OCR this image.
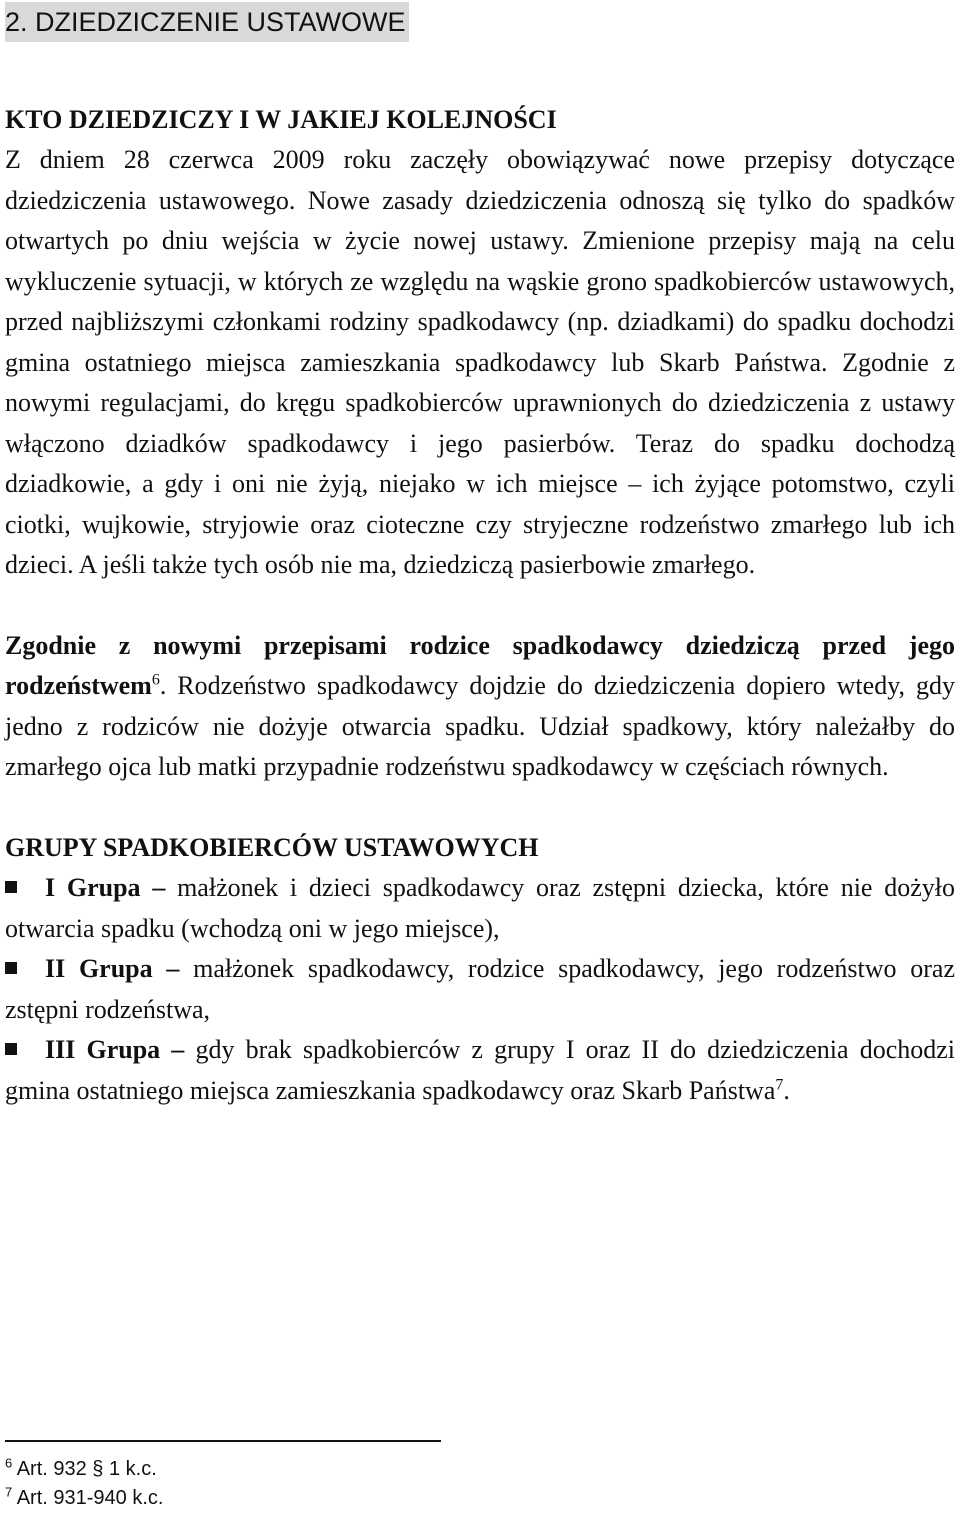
2. DZIEDZICZENIE USTAWOWE
KTO DZIEDZICZY I W JAKIEJ KOLEJNOŚCI

Z dniem 28 czerwca 2009 roku zaczęły obowiązywać nowe przepisy dotyczące dziedziczenia ustawowego. Nowe zasady dziedziczenia odnoszą się tylko do spadków otwartych po dniu wejścia w życie nowej ustawy. Zmienione przepisy mają na celu wykluczenie sytuacji, w których ze względu na wąskie grono spadkobierców ustawowych, przed najbliższymi członkami rodziny spadkodawcy (np. dziadkami) do spadku dochodzi gmina ostatniego miejsca zamieszkania spadkodawcy lub Skarb Państwa. Zgodnie z nowymi regulacjami, do kręgu spadkobierców uprawnionych do dziedziczenia z ustawy włączono dziadków spadkodawcy i jego pasierbów. Teraz do spadku dochodzą dziadkowie, a gdy i oni nie żyją, niejako w ich miejsce – ich żyjące potomstwo, czyli ciotki, wujkowie, stryjowie oraz cioteczne czy stryjeczne rodzeństwo zmarłego lub ich dzieci. A jeśli także tych osób nie ma, dziedziczą pasierbowie zmarłego.

Zgodnie z nowymi przepisami rodzice spadkodawcy dziedziczą przed jego rodzeństwem$^6$. Rodzeństwo spadkodawcy dojdzie do dziedziczenia dopiero wtedy, gdy jedno z rodziców nie dożyje otwarcia spadku. Udział spadkowy, który należałby do zmarłego ojca lub matki przypadnie rodzeństwu spadkodawcy w częściach równych.

GRUPY SPADKOBIERCÓW USTAWOWYCH

I Grupa – małżonek i dzieci spadkodawcy oraz zstępni dziecka, które nie dożyło otwarcia spadku (wchodzą oni w jego miejsce),

II Grupa – małżonek spadkodawcy, rodzice spadkodawcy, jego rodzeństwo oraz zstępni rodzeństwa,

III Grupa – gdy brak spadkobierców z grupy I oraz II do dziedziczenia dochodzi gmina ostatniego miejsca zamieszkania spadkodawcy oraz Skarb Państwa$^7$.

$^6$ Art. 932 § 1 k.c.
$^7$ Art. 931-940 k.c.
